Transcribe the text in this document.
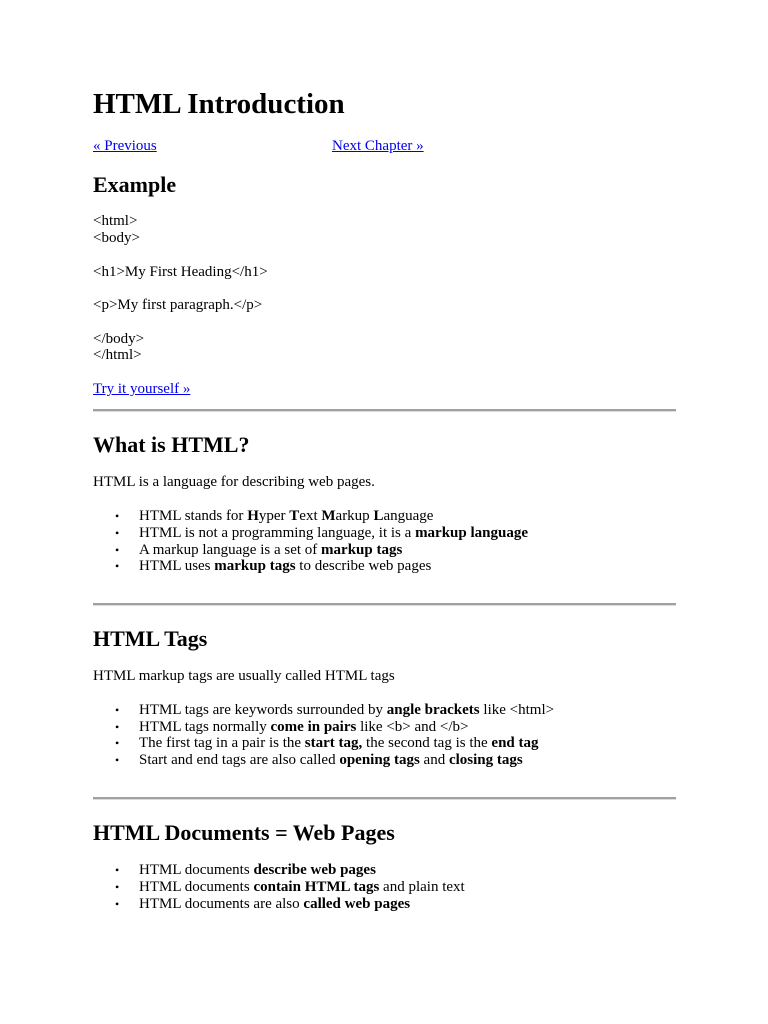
HTML Introduction
« Previous	Next Chapter »
Example
<html>
<body>
<h1>My First Heading</h1>
<p>My first paragraph.</p>
</body>
</html>
Try it yourself »
What is HTML?
HTML is a language for describing web pages.
• HTML stands for Hyper Text Markup Language
• HTML is not a programming language, it is a markup language
• A markup language is a set of markup tags
• HTML uses markup tags to describe web pages
HTML Tags
HTML markup tags are usually called HTML tags
• HTML tags are keywords surrounded by angle brackets like <html>
• HTML tags normally come in pairs like <b> and </b>
• The first tag in a pair is the start tag, the second tag is the end tag
• Start and end tags are also called opening tags and closing tags
HTML Documents = Web Pages
• HTML documents describe web pages
• HTML documents contain HTML tags and plain text
• HTML documents are also called web pages
